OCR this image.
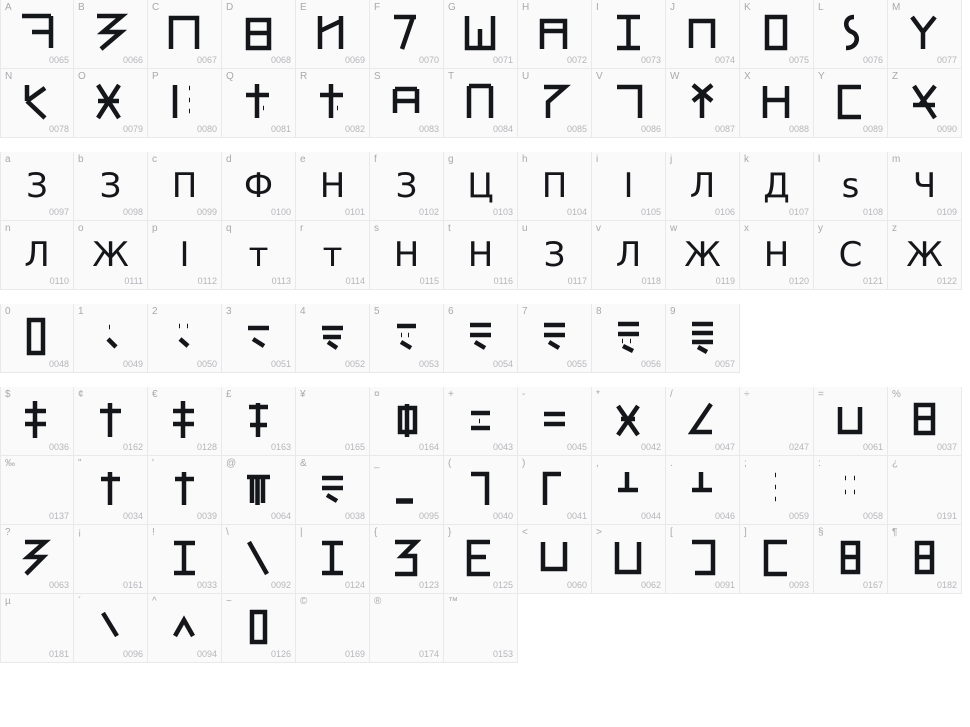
A
0065
B
0066
C
0067
D
0068
E
0069
F
0070
G
0071
H
0072
I
0073
J
0074
K
0075
L
0076
M
0077
N
0078
O
0079
P
0080
Q
0081
R
0082
S
0083
T
0084
U
0085
V
0086
W
0087
X
0088
Y
0089
Z
0090
a
З
0097
b
З
0098
c
П
0099
d
Ф
0100
e
Н
0101
f
З
0102
g
Ц
0103
h
П
0104
i
І
0105
j
Л
0106
k
Д
0107
l
ѕ
0108
m
Ч
0109
n
Л
0110
o
Ж
0111
p
І
0112
q
т
0113
r
т
0114
s
Н
0115
t
Н
0116
u
З
0117
v
Л
0118
w
Ж
0119
x
Н
0120
y
С
0121
z
Ж
0122
0
0048
1
0049
2
0050
3
0051
4
0052
5
0053
6
0054
7
0055
8
0056
9
0057
$
0036
¢
0162
€
0128
£
0163
¥
0165
¤
0164
+
0043
-
0045
*
0042
/
0047
÷
0247
=
0061
%
0037
‰
0137
"
0034
'
0039
@
0064
&
0038
_
0095
(
0040
)
0041
,
0044
.
0046
;
0059
:
0058
¿
0191
?
0063
¡
0161
!
0033
\
0092
|
0124
{
0123
}
0125
<
0060
>
0062
[
0091
]
0093
§
0167
¶
0182
µ
0181
´
0096
^
0094
~
0126
©
0169
®
0174
™
0153
